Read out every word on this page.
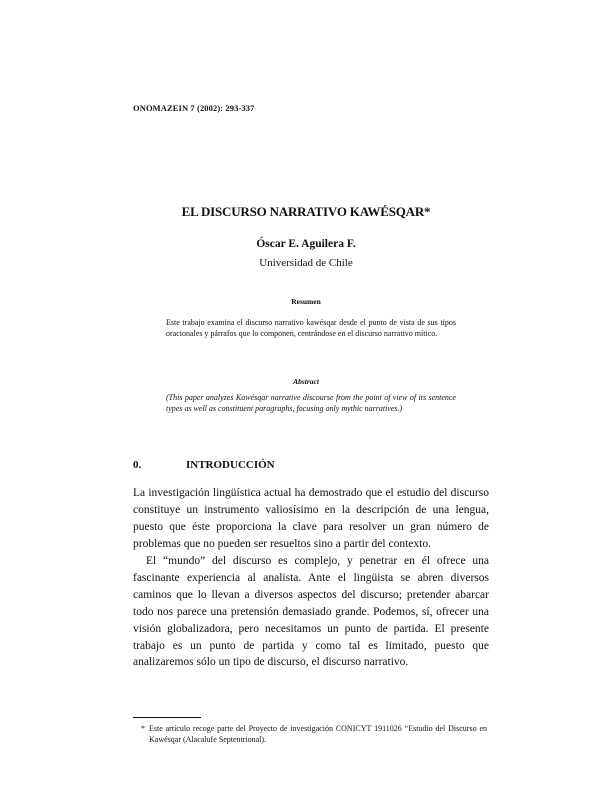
ONOMAZEIN 7 (2002): 293-337
EL DISCURSO NARRATIVO KAWÉSQAR*
Óscar E. Aguilera F.
Universidad de Chile
Resumen
Este trabajo examina el discurso narrativo kawésqar desde el punto de vista de sus tipos oracionales y párrafos que lo componen, centrándose en el discurso narrativo mítico.
Abstract
(This paper analyzes Kawésqar narrative discourse from the point of view of its sentence types as well as constituent paragraphs, focusing only mythic narratives.)
0.	INTRODUCCIÓN
La investigación lingüística actual ha demostrado que el estudio del discurso constituye un instrumento valiosísimo en la descripción de una lengua, puesto que éste proporciona la clave para resolver un gran número de problemas que no pueden ser resueltos sino a partir del contexto.
El “mundo” del discurso es complejo, y penetrar en él ofrece una fascinante experiencia al analista. Ante el lingüista se abren diversos caminos que lo llevan a diversos aspectos del discurso; pretender abarcar todo nos parece una pretensión demasiado grande. Podemos, sí, ofrecer una visión globalizadora, pero necesitamos un punto de partida. El presente trabajo es un punto de partida y como tal es limitado, puesto que analizaremos sólo un tipo de discurso, el discurso narrativo.
* Este artículo recoge parte del Proyecto de investigación CONICYT 1911026 “Estudio del Discurso en Kawésqar (Alacalufe Septentrional).
